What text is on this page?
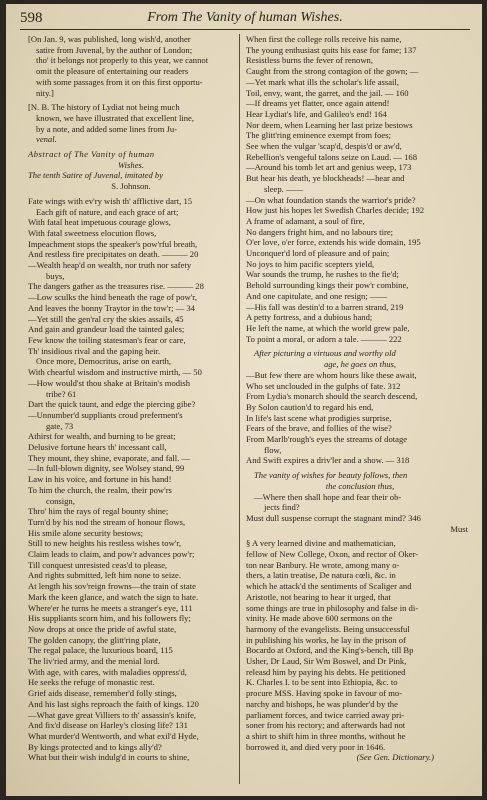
598	From The Vanity of human Wishes.
[On Jan. 9, was published, long wish'd, another
satire from Juvenal, by the author of London;
tho' it belongs not properly to this year, we cannot
omit the pleasure of entertaining our readers
with some passages from it on this first opportu-
nity.]
[N. B. The history of Lydiat not being much
known, we have illustrated that excellent line,
by a note, and added some lines from Ju-
venal.
Abstract of The Vanity of human
Wishes.
The tenth Satire of Juvenal, imitated by
S. Johnson.
Fate wings with ev'ry wish th' afflictive dart, 15
Each gift of nature, and each grace of art;
With fatal heat impetuous courage glows,
With fatal sweetness elocution flows,
Impeachment stops the speaker's pow'rful breath,
And restless fire precipitates on death. ——— 20
—Wealth heap'd on wealth, nor truth nor safety
buys,
The dangers gather as the treasures rise. ——— 28
—Low sculks the hind beneath the rage of pow'r,
And leaves the bonny Traytor in the tow'r; — 34
—Yet still the gen'ral cry the skies assails, 45
And gain and grandeur load the tainted gales;
Few know the toiling statesman's fear or care,
Th' insidious rival and the gaping heir.
Once more, Democritus, arise on earth,
With chearful wisdom and instructive mirth, — 50
—How would'st thou shake at Britain's modish
tribe? 61
Dart the quick taunt, and edge the piercing gibe?
—Unnumber'd suppliants croud preferment's
gate, 73
Athirst for wealth, and burning to be great;
Delusive fortune hears th' incessant call,
They mount, they shine, evaporate, and fall. —
—In full-blown dignity, see Wolsey stand, 99
Law in his voice, and fortune in his hand!
To him the church, the realm, their pow'rs
consign,
Thro' him the rays of regal bounty shine;
Turn'd by his nod the stream of honour flows,
His smile alone security bestows;
Still to new heights his restless wishes tow'r,
Claim leads to claim, and pow'r advances pow'r;
Till conquest unresisted ceas'd to please,
And rights submitted, left him none to seize.
At length his sov'reign frowns—the train of state
Mark the keen glance, and watch the sign to hate.
Where'er he turns he meets a stranger's eye, 111
His suppliants scorn him, and his followers fly;
Now drops at once the pride of awful state,
The golden canopy, the glitt'ring plate,
The regal palace, the luxurious board, 115
The liv'ried army, and the menial lord.
With age, with cares, with maladies oppress'd,
He seeks the refuge of monastic rest.
Grief aids disease, remember'd folly stings,
And his last sighs reproach the faith of kings. 120
—What gave great Villiers to th' assassin's knife,
And fix'd disease on Harley's closing life? 131
What murder'd Wentworth, and what exil'd Hyde,
By kings protected and to kings ally'd?
What but their wish indulg'd in courts to shine,
When first the college rolls receive his name,
The young enthusiast quits his ease for fame; 137
Resistless burns the fever of renown,
Caught from the strong contagion of the gown; —
—Yet mark what ills the scholar's life assail,
Toil, envy, want, the garret, and the jail. — 160
—If dreams yet flatter, once again attend!
Hear Lydiat's life, and Galileo's end! 164
Nor deem, when Learning her last prize bestows
The glitt'ring eminence exempt from foes;
See when the vulgar 'scap'd, despis'd or aw'd,
Rebellion's vengeful talons seize on Laud. — 168
—Around his tomb let art and genius weep, 173
But hear his death, ye blockheads! —hear and
sleep. ——
—On what foundation stands the warrior's pride?
How just his hopes let Swedish Charles decide; 192
A frame of adamant, a soul of fire,
No dangers fright him, and no labours tire;
O'er love, o'er force, extends his wide domain, 195
Unconquer'd lord of pleasure and of pain;
No joys to him pacific scepters yield,
War sounds the trump, he rushes to the fie'd;
Behold surrounding kings their pow'r combine,
And one capitulate, and one resign; ——
—His fall was destin'd to a barren strand, 219
A petty fortress, and a dubious hand;
He left the name, at which the world grew pale,
To point a moral, or adorn a tale. ——— 222
After picturing a virtuous and worthy old
age, he goes on thus,
—But few there are whom hours like these await,
Who set unclouded in the gulphs of fate. 312
From Lydia's monarch should the search descend,
By Solon caution'd to regard his end,
In life's last scene what prodigies surprise,
Fears of the brave, and follies of the wise?
From Marlb'rough's eyes the streams of dotage
flow,
And Swift expires a driv'ler and a show. — 318
The vanity of wishes for beauty follows, then
the conclusion thus,
—Where then shall hope and fear their ob-
jects find?
Must dull suspense corrupt the stagnant mind? 346
Must
§ A very learned divine and mathematician,
fellow of New College, Oxon, and rector of Oker-
ton near Banbury. He wrote, among many o-
thers, a latin treatise, De natura cœli, &c. in
which he attack'd the sentiments of Scaliger and
Aristotle, not bearing to hear it urged, that
some things are true in philosophy and false in di-
vinity. He made above 600 sermons on the
harmony of the evangelists. Being unsuccessful
in publishing his works, he lay in the prison of
Bocardo at Oxford, and the King's-bench, till Bp
Usher, Dr Laud, Sir Wm Boswel, and Dr Pink,
releasd him by paying his debts. He petitioned
K. Charles I. to be sent into Ethiopia, &c. to
procure MSS. Having spoke in favour of mo-
narchy and bishops, he was plunder'd by the
parliament forces, and twice carried away pri-
soner from his rectory; and afterwards had not
a shirt to shift him in three months, without he
borrowed it, and died very poor in 1646.
(See Gen. Dictionary.)
